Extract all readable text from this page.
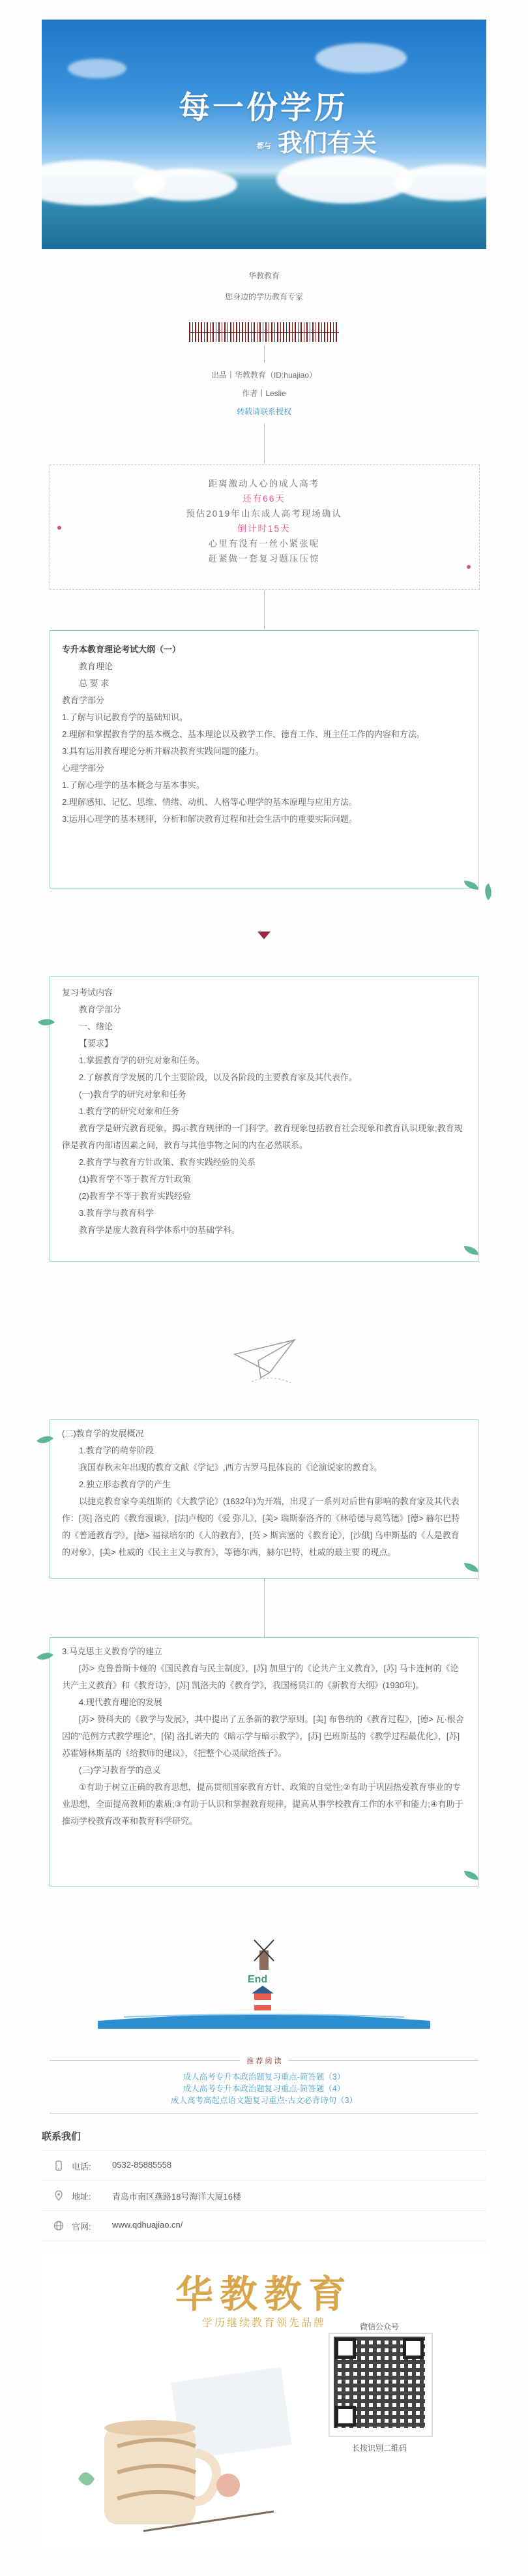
每一份学历
都与 我们有关
华教教育
您身边的学历教育专家
出品丨华教教育（ID:huajiao）
作者丨Leslie
转载请联系授权
距离激动人心的成人高考
还有66天
预估2019年山东成人高考现场确认
倒计时15天
心里有没有一丝小紧张呢
赶紧做一套复习题压压惊

专升本教育理论考试大纲（一）

教育理论

总 要 求

教育学部分

1.了解与识记教育学的基础知识。

2.理解和掌握教育学的基本概念、基本理论以及教学工作、德育工作、班主任工作的内容和方法。

3.具有运用教育理论分析并解决教育实践问题的能力。

心理学部分

1.了解心理学的基本概念与基本事实。

2.理解感知、记忆、思维、情绪、动机、人格等心理学的基本原理与应用方法。

3.运用心理学的基本规律，分析和解决教育过程和社会生活中的重要实际问题。

复习考试内容

教育学部分

一、绪论

【要求】

1.掌握教育学的研究对象和任务。

2.了解教育学发展的几个主要阶段，以及各阶段的主要教育家及其代表作。

(一)教育学的研究对象和任务

1.教育学的研究对象和任务

教育学是研究教育现象，揭示教育规律的一门科学。教育现象包括教育社会现象和教育认识现象;教育规律是教育内部诸因素之间，教育与其他事物之间的内在必然联系。

2.教育学与教育方针政策、教育实践经验的关系

(1)教育学不等于教育方针政策

(2)教育学不等于教育实践经验

3.教育学与教育科学

教育学是庞大教育科学体系中的基础学科。

(二)教育学的发展概况

1.教育学的萌芽阶段

我国春秋末年出现的教育文献《学记》,西方古罗马昆体良的《论演说家的教育》。

2.独立形态教育学的产生

以捷克教育家夸美纽斯的《大教学论》(1632年)为开端，出现了一系列对后世有影响的教育家及其代表作：[英] 洛克的《教育漫谈》，[法]卢梭的《爱 弥儿》，[美> 瑞斯泰洛齐的《林哈德与葛笃德》[德> 赫尔巴特的《普通教育学》，[德> 福禄培尔的《人的教育》，[英 > 斯宾塞的《教育论》，[沙俄] 乌申斯基的《人是教育的对象》，[美> 杜威的《民主主义与教育》，等德尔西，赫尔巴特，杜威的最主要 的现点。

3.马克思主义教育学的建立

[苏> 克鲁普斯卡娅的《国民教育与民主制度》，[苏] 加里宁的《论共产主义教育》，[苏] 马卡连柯的《论共产主义教育》和《教育诗》，[苏] 凯洛夫的《教育学》，我国杨贤江的《新教育大纲》(1930年)。

4.现代教育理论的发展

[苏> 赞科夫的《教学与发展》，其中提出了五条新的教学原则。[美] 布鲁纳的《教育过程》，[德> 瓦·根舍因的"范例方式教学理论"，[保] 洛扎诺夫的《暗示学与暗示教学》，[苏] 巴班斯基的《教学过程最优化》，[苏] 苏霍姆林斯基的《给教师的建议》，《把整个心灵献给孩子》。

(三)学习教育学的意义

①有助于树立正确的教育思想，提高贯彻国家教育方针、政策的自觉性;②有助于巩固热爱教育事业的专业思想，全面提高教师的素质;③有助于认识和掌握教育规律，提高从事学校教育工作的水平和能力;④有助于推动学校教育改革和教育科学研究。

End
推 荐 阅 读
成人高考专升本政治题复习重点-简答题（3）
成人高考专升本政治题复习重点-简答题（4）
成人高考高起点语文题复习重点-古文必背诗句（3）
联系我们
电话: 0532-85885558
地址: 青岛市南区燕路18号海洋大厦16楼
官网: www.qdhuajiao.cn/
华教教育
学历继续教育领先品牌	微信公众号
长按识别二维码
